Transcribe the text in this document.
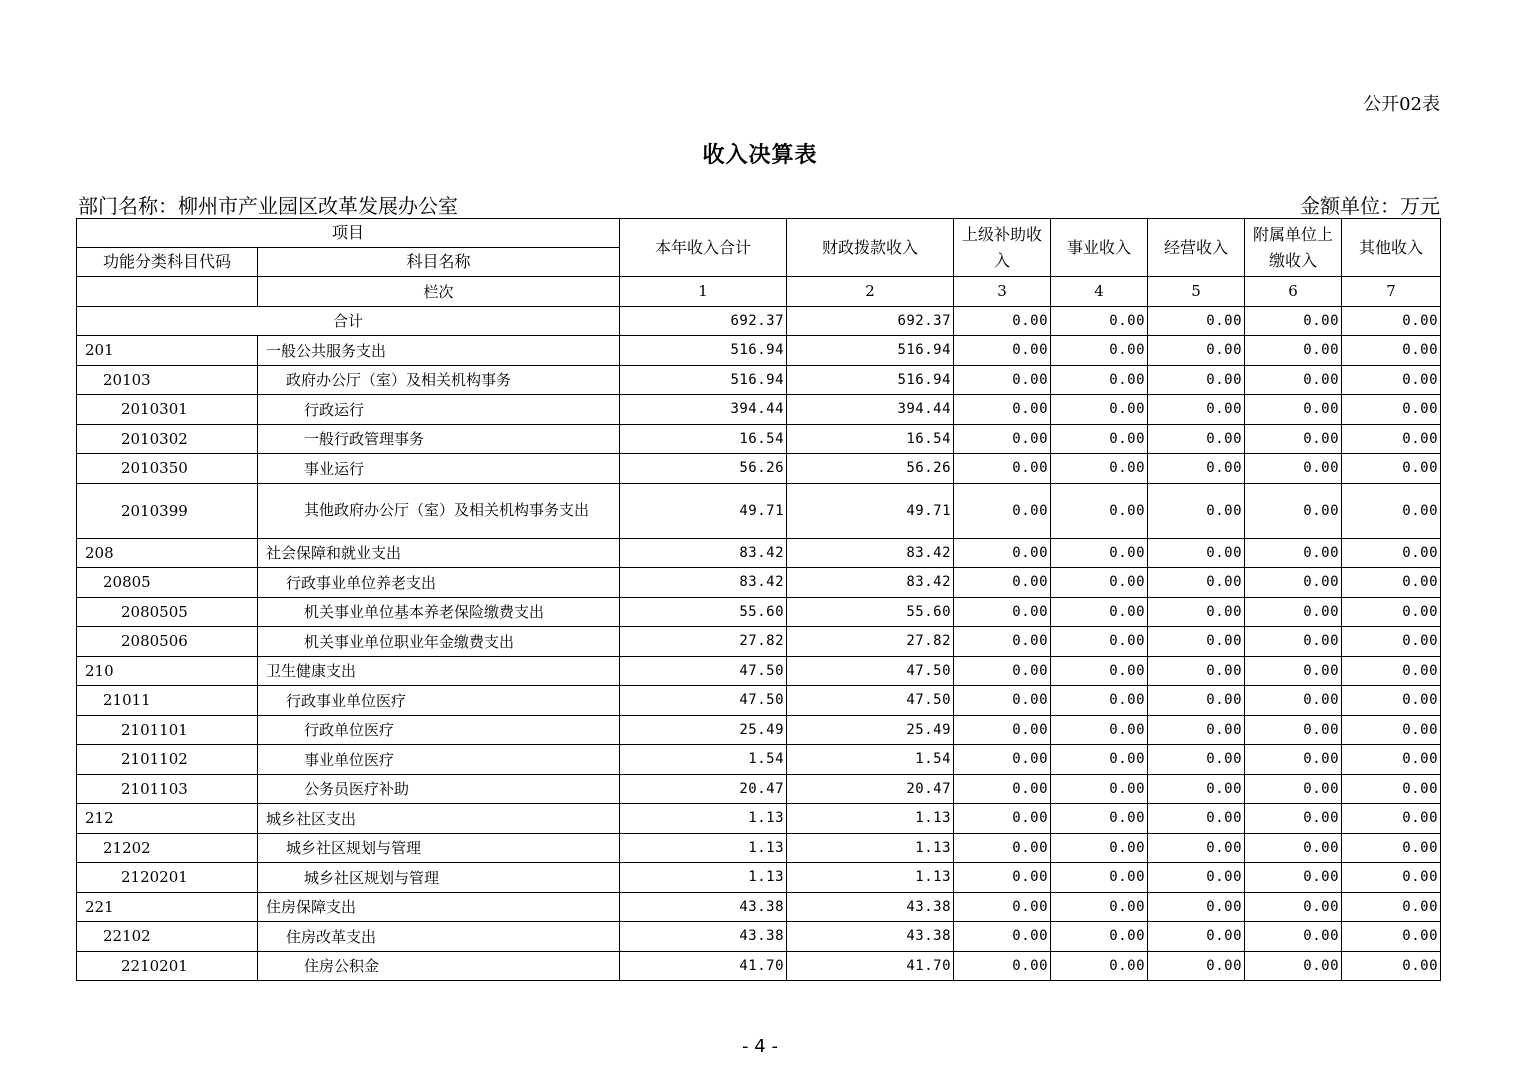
公开02表
收入决算表
部门名称：柳州市产业园区改革发展办公室	金额单位：万元
项目		本年收入合计	财政拨款收入	上级补助收入	事业收入	经营收入	附属单位上缴收入	其他收入
功能分类科目代码	科目名称							
	栏次	1	2	3	4	5	6	7
合计		692.37	692.37	0.00	0.00	0.00	0.00	0.00
201	一般公共服务支出	516.94	516.94	0.00	0.00	0.00	0.00	0.00
20103	政府办公厅（室）及相关机构事务	516.94	516.94	0.00	0.00	0.00	0.00	0.00
2010301	行政运行	394.44	394.44	0.00	0.00	0.00	0.00	0.00
2010302	一般行政管理事务	16.54	16.54	0.00	0.00	0.00	0.00	0.00
2010350	事业运行	56.26	56.26	0.00	0.00	0.00	0.00	0.00
2010399	其他政府办公厅（室）及相关机构事务支出	49.71	49.71	0.00	0.00	0.00	0.00	0.00
208	社会保障和就业支出	83.42	83.42	0.00	0.00	0.00	0.00	0.00
20805	行政事业单位养老支出	83.42	83.42	0.00	0.00	0.00	0.00	0.00
2080505	机关事业单位基本养老保险缴费支出	55.60	55.60	0.00	0.00	0.00	0.00	0.00
2080506	机关事业单位职业年金缴费支出	27.82	27.82	0.00	0.00	0.00	0.00	0.00
210	卫生健康支出	47.50	47.50	0.00	0.00	0.00	0.00	0.00
21011	行政事业单位医疗	47.50	47.50	0.00	0.00	0.00	0.00	0.00
2101101	行政单位医疗	25.49	25.49	0.00	0.00	0.00	0.00	0.00
2101102	事业单位医疗	1.54	1.54	0.00	0.00	0.00	0.00	0.00
2101103	公务员医疗补助	20.47	20.47	0.00	0.00	0.00	0.00	0.00
212	城乡社区支出	1.13	1.13	0.00	0.00	0.00	0.00	0.00
21202	城乡社区规划与管理	1.13	1.13	0.00	0.00	0.00	0.00	0.00
2120201	城乡社区规划与管理	1.13	1.13	0.00	0.00	0.00	0.00	0.00
221	住房保障支出	43.38	43.38	0.00	0.00	0.00	0.00	0.00
22102	住房改革支出	43.38	43.38	0.00	0.00	0.00	0.00	0.00
2210201	住房公积金	41.70	41.70	0.00	0.00	0.00	0.00	0.00
- 4 -
